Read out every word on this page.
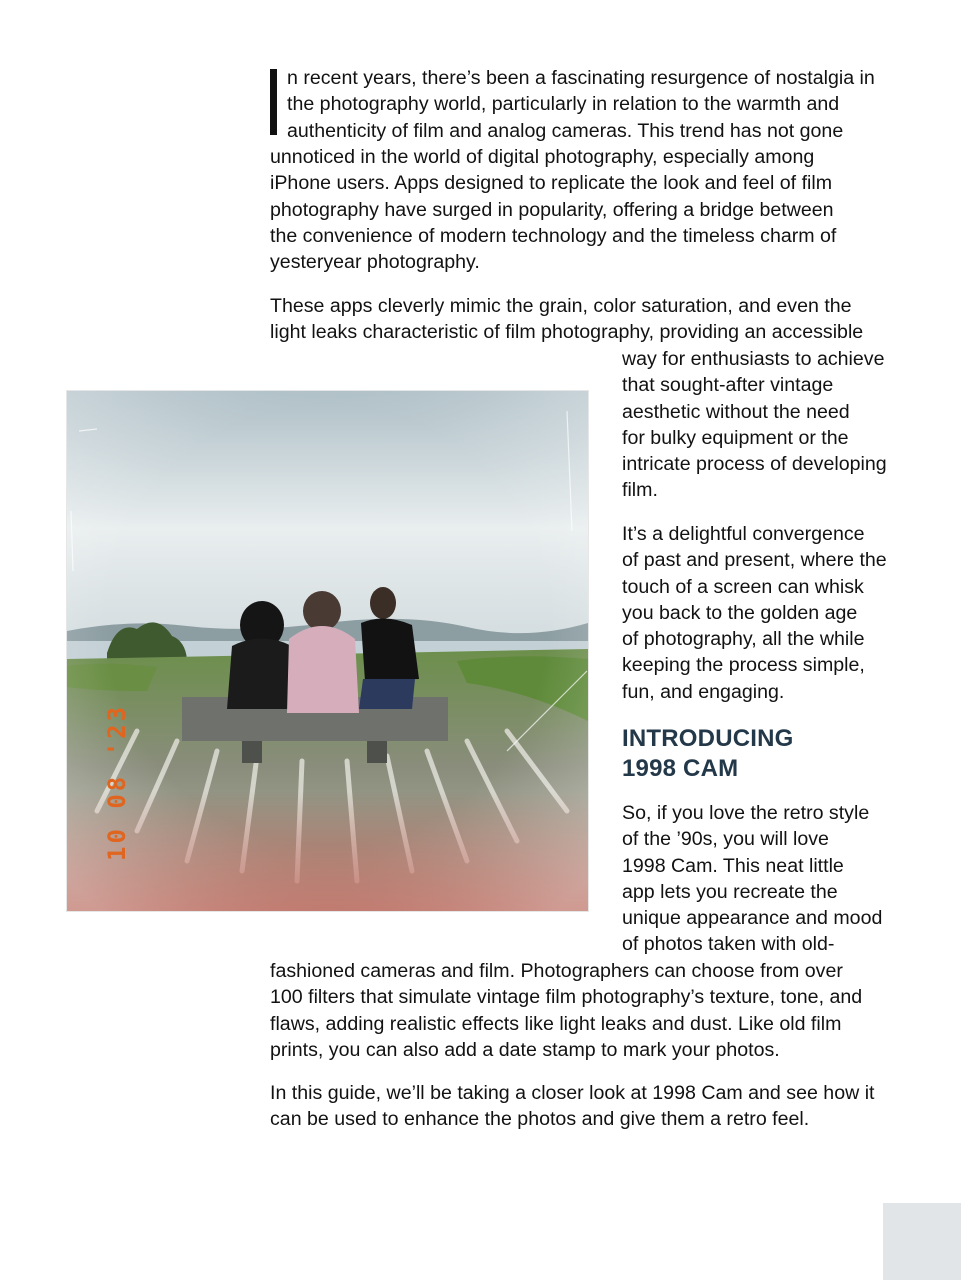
n recent years, there’s been a fascinating resurgence of nostalgia in
the photography world, particularly in relation to the warmth and
authenticity of film and analog cameras. This trend has not gone

unnoticed in the world of digital photography, especially among
iPhone users. Apps designed to replicate the look and feel of film
photography have surged in popularity, offering a bridge between
the convenience of modern technology and the timeless charm of
yesteryear photography.

These apps cleverly mimic the grain, color saturation, and even the
light leaks characteristic of film photography, providing an accessible

way for enthusiasts to achieve
that sought-after vintage
aesthetic without the need
for bulky equipment or the
intricate process of developing
film.

It’s a delightful convergence
of past and present, where the
touch of a screen can whisk
you back to the golden age
of photography, all the while
keeping the process simple,
fun, and engaging.

INTRODUCING
1998 CAM

So, if you love the retro style
of the ’90s, you will love
1998 Cam. This neat little
app lets you recreate the
unique appearance and mood
of photos taken with old-

fashioned cameras and film. Photographers can choose from over
100 filters that simulate vintage film photography’s texture, tone, and
flaws, adding realistic effects like light leaks and dust. Like old film
prints, you can also add a date stamp to mark your photos.

In this guide, we’ll be taking a closer look at 1998 Cam and see how it
can be used to enhance the photos and give them a retro feel.

10 08 '23
